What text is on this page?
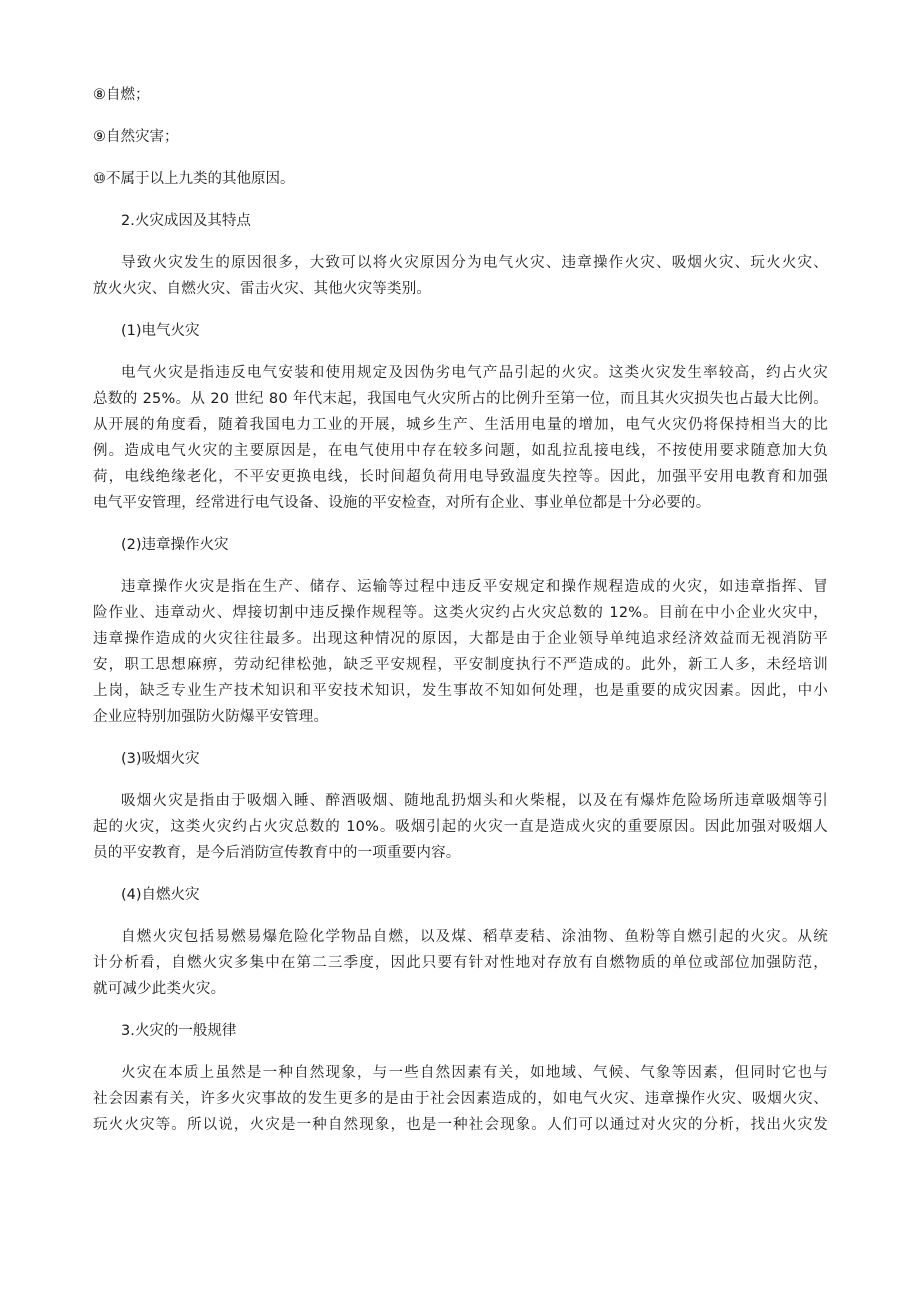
⑧自燃；

⑨自然灾害；

⑩不属于以上九类的其他原因。

2.火灾成因及其特点

导致火灾发生的原因很多，大致可以将火灾原因分为电气火灾、违章操作火灾、吸烟火灾、玩火火灾、
放火火灾、自燃火灾、雷击火灾、其他火灾等类别。

(1)电气火灾

电气火灾是指违反电气安装和使用规定及因伪劣电气产品引起的火灾。这类火灾发生率较高，约占火灾
总数的 25%。从 20 世纪 80 年代末起，我国电气火灾所占的比例升至第一位，而且其火灾损失也占最大比例。
从开展的角度看，随着我国电力工业的开展，城乡生产、生活用电量的增加，电气火灾仍将保持相当大的比
例。造成电气火灾的主要原因是，在电气使用中存在较多问题，如乱拉乱接电线，不按使用要求随意加大负
荷，电线绝缘老化，不平安更换电线，长时间超负荷用电导致温度失控等。因此，加强平安用电教育和加强
电气平安管理，经常进行电气设备、设施的平安检查，对所有企业、事业单位都是十分必要的。

(2)违章操作火灾

违章操作火灾是指在生产、储存、运输等过程中违反平安规定和操作规程造成的火灾，如违章指挥、冒
险作业、违章动火、焊接切割中违反操作规程等。这类火灾约占火灾总数的 12%。目前在中小企业火灾中，
违章操作造成的火灾往往最多。出现这种情况的原因，大都是由于企业领导单纯追求经济效益而无视消防平
安，职工思想麻痹，劳动纪律松弛，缺乏平安规程，平安制度执行不严造成的。此外，新工人多，未经培训
上岗，缺乏专业生产技术知识和平安技术知识，发生事故不知如何处理，也是重要的成灾因素。因此，中小
企业应特别加强防火防爆平安管理。

(3)吸烟火灾

吸烟火灾是指由于吸烟入睡、醉酒吸烟、随地乱扔烟头和火柴棍，以及在有爆炸危险场所违章吸烟等引
起的火灾，这类火灾约占火灾总数的 10%。吸烟引起的火灾一直是造成火灾的重要原因。因此加强对吸烟人
员的平安教育，是今后消防宣传教育中的一项重要内容。

(4)自燃火灾

自燃火灾包括易燃易爆危险化学物品自燃，以及煤、稻草麦秸、涂油物、鱼粉等自燃引起的火灾。从统
计分析看，自燃火灾多集中在第二三季度，因此只要有针对性地对存放有自燃物质的单位或部位加强防范，
就可减少此类火灾。

3.火灾的一般规律

火灾在本质上虽然是一种自然现象，与一些自然因素有关，如地域、气候、气象等因素，但同时它也与
社会因素有关，许多火灾事故的发生更多的是由于社会因素造成的，如电气火灾、违章操作火灾、吸烟火灾、
玩火火灾等。所以说，火灾是一种自然现象，也是一种社会现象。人们可以通过对火灾的分析，找出火灾发
